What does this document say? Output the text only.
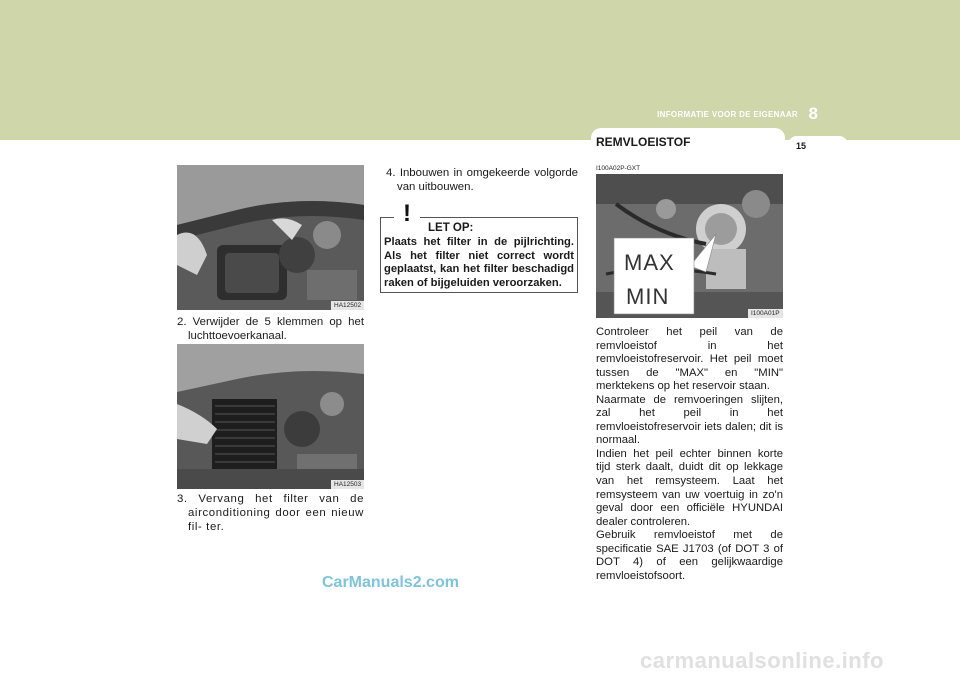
INFORMATIE VOOR DE EIGENAAR 8
REMVLOEISTOF	15
HA12502
2. Verwijder de 5 klemmen op het luchttoevoerkanaal.
HA12503
3. Vervang het filter van de airconditioning door een nieuw fil- ter.
4. Inbouwen in omgekeerde volgorde van uitbouwen.
!
LET OP:
Plaats het filter in de pijlrichting. Als het filter niet correct wordt geplaatst, kan het filter beschadigd raken of bijgeluiden veroorzaken.
I100A02P-GXT
MAX
MIN
I100A01P

Controleer het peil van de remvloeistof in het remvloeistofreservoir. Het peil moet tussen de "MAX" en "MIN" merktekens op het reservoir staan.

Naarmate de remvoeringen slijten, zal het peil in het remvloeistofreservoir iets dalen; dit is normaal.

Indien het peil echter binnen korte tijd sterk daalt, duidt dit op lekkage van het remsysteem. Laat het remsysteem van uw voertuig in zo'n geval door een officiële HYUNDAI dealer controleren.

Gebruik remvloeistof met de specificatie SAE J1703 (of DOT 3 of DOT 4) of een gelijkwaardige remvloeistofsoort.

CarManuals2.com
carmanualsonline.info
